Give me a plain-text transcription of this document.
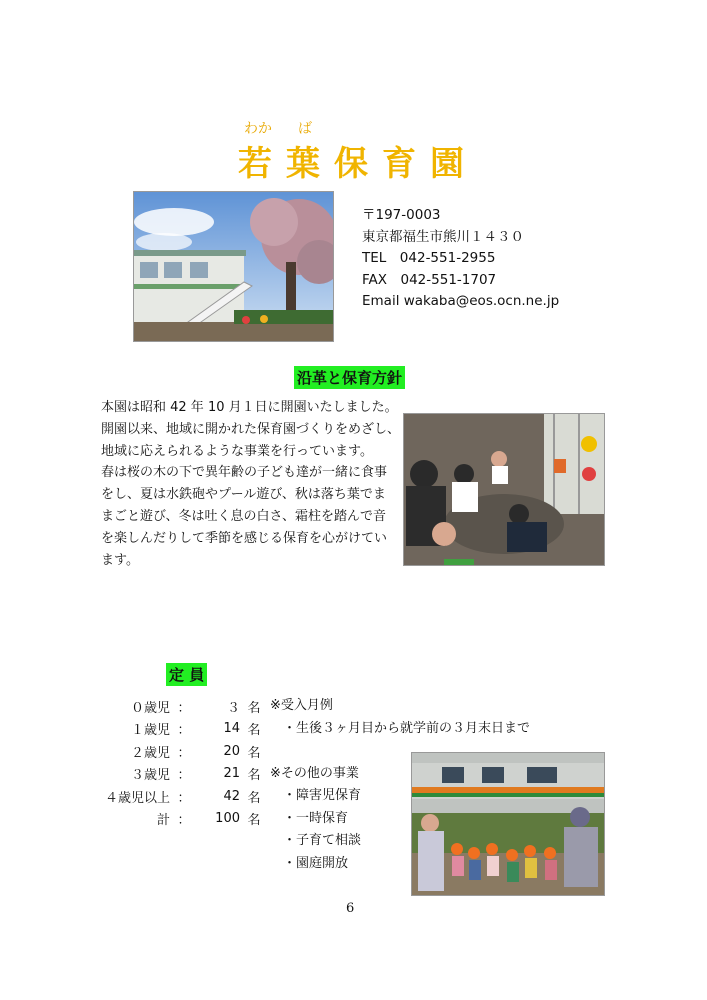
わか ば
若葉保育園
〒197-0003
東京都福生市熊川１４３０
TEL　042-551-2955
FAX　042-551-1707
Email wakaba@eos.ocn.ne.jp
沿革と保育方針

本園は昭和 42 年 10 月１日に開園いたしました。

開園以来、地域に開かれた保育園づくりをめざし、

地域に応えられるような事業を行っています。

春は桜の木の下で異年齢の子ども達が一緒に食事

をし、夏は水鉄砲やプール遊び、秋は落ち葉でま

まごと遊び、冬は吐く息の白さ、霜柱を踏んで音

を楽しんだりして季節を感じる保育を心がけてい

ます。

定 員
０歳児	：	３	名
１歳児	：	14	名
２歳児	：	20	名
３歳児	：	21	名
４歳児以上	：	42	名
計	：	100	名
※受入月例
　・生後３ヶ月目から就学前の３月末日まで
※その他の事業
　・障害児保育
　・一時保育
　・子育て相談
　・園庭開放
6
